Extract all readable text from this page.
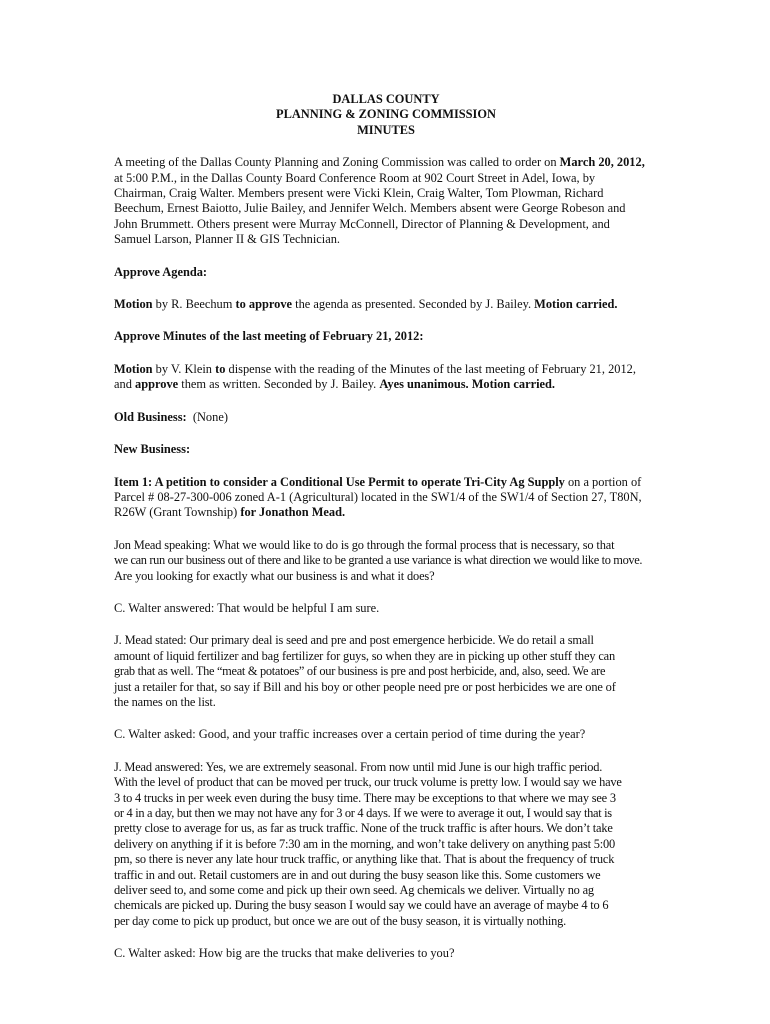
DALLAS COUNTY
PLANNING & ZONING COMMISSION
MINUTES

A meeting of the Dallas County Planning and Zoning Commission was called to order on March 20, 2012,
at 5:00 P.M., in the Dallas County Board Conference Room at 902 Court Street in Adel, Iowa, by
Chairman, Craig Walter. Members present were Vicki Klein, Craig Walter, Tom Plowman, Richard
Beechum, Ernest Baiotto, Julie Bailey, and Jennifer Welch. Members absent were George Robeson and
John Brummett. Others present were Murray McConnell, Director of Planning & Development, and
Samuel Larson, Planner II & GIS Technician.

Approve Agenda:

Motion by R. Beechum to approve the agenda as presented. Seconded by J. Bailey. Motion carried.

Approve Minutes of the last meeting of February 21, 2012:

Motion by V. Klein to dispense with the reading of the Minutes of the last meeting of February 21, 2012,
and approve them as written. Seconded by J. Bailey. Ayes unanimous. Motion carried.

Old Business:  (None)

New Business:

Item 1: A petition to consider a Conditional Use Permit to operate Tri-City Ag Supply on a portion of
Parcel # 08-27-300-006 zoned A-1 (Agricultural) located in the SW1/4 of the SW1/4 of Section 27, T80N,
R26W (Grant Township) for Jonathon Mead.

Jon Mead speaking: What we would like to do is go through the formal process that is necessary, so that
we can run our business out of there and like to be granted a use variance is what direction we would like to move.
Are you looking for exactly what our business is and what it does?

C. Walter answered: That would be helpful I am sure.

J. Mead stated: Our primary deal is seed and pre and post emergence herbicide. We do retail a small
amount of liquid fertilizer and bag fertilizer for guys, so when they are in picking up other stuff they can
grab that as well. The “meat & potatoes” of our business is pre and post herbicide, and, also, seed. We are
just a retailer for that, so say if Bill and his boy or other people need pre or post herbicides we are one of
the names on the list.

C. Walter asked: Good, and your traffic increases over a certain period of time during the year?

J. Mead answered: Yes, we are extremely seasonal. From now until mid June is our high traffic period.
With the level of product that can be moved per truck, our truck volume is pretty low. I would say we have
3 to 4 trucks in per week even during the busy time. There may be exceptions to that where we may see 3
or 4 in a day, but then we may not have any for 3 or 4 days. If we were to average it out, I would say that is
pretty close to average for us, as far as truck traffic. None of the truck traffic is after hours. We don’t take
delivery on anything if it is before 7:30 am in the morning, and won’t take delivery on anything past 5:00
pm, so there is never any late hour truck traffic, or anything like that. That is about the frequency of truck
traffic in and out. Retail customers are in and out during the busy season like this. Some customers we
deliver seed to, and some come and pick up their own seed. Ag chemicals we deliver. Virtually no ag
chemicals are picked up. During the busy season I would say we could have an average of maybe 4 to 6
per day come to pick up product, but once we are out of the busy season, it is virtually nothing.

C. Walter asked: How big are the trucks that make deliveries to you?
